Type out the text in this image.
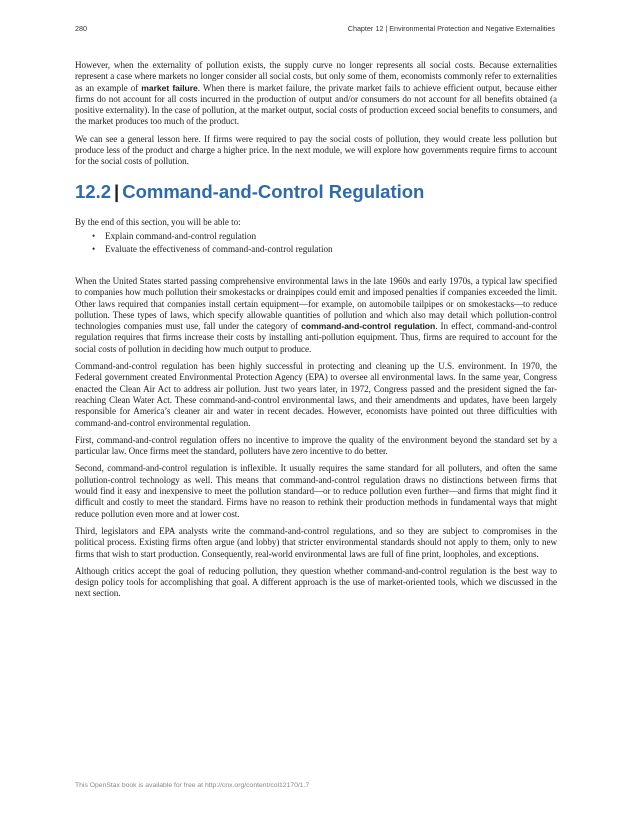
280	Chapter 12 | Environmental Protection and Negative Externalities

However, when the externality of pollution exists, the supply curve no longer represents all social costs. Because externalities represent a case where markets no longer consider all social costs, but only some of them, economists commonly refer to externalities as an example of market failure. When there is market failure, the private market fails to achieve efficient output, because either firms do not account for all costs incurred in the production of output and/or consumers do not account for all benefits obtained (a positive externality). In the case of pollution, at the market output, social costs of production exceed social benefits to consumers, and the market produces too much of the product.

We can see a general lesson here. If firms were required to pay the social costs of pollution, they would create less pollution but produce less of the product and charge a higher price. In the next module, we will explore how governments require firms to account for the social costs of pollution.

12.2 | Command-and-Control Regulation

By the end of this section, you will be able to:

• Explain command-and-control regulation
• Evaluate the effectiveness of command-and-control regulation

When the United States started passing comprehensive environmental laws in the late 1960s and early 1970s, a typical law specified to companies how much pollution their smokestacks or drainpipes could emit and imposed penalties if companies exceeded the limit. Other laws required that companies install certain equipment—for example, on automobile tailpipes or on smokestacks—to reduce pollution. These types of laws, which specify allowable quantities of pollution and which also may detail which pollution-control technologies companies must use, fall under the category of command-and-control regulation. In effect, command-and-control regulation requires that firms increase their costs by installing anti-pollution equipment. Thus, firms are required to account for the social costs of pollution in deciding how much output to produce.

Command-and-control regulation has been highly successful in protecting and cleaning up the U.S. environment. In 1970, the Federal government created Environmental Protection Agency (EPA) to oversee all environmental laws. In the same year, Congress enacted the Clean Air Act to address air pollution. Just two years later, in 1972, Congress passed and the president signed the far-reaching Clean Water Act. These command-and-control environmental laws, and their amendments and updates, have been largely responsible for America’s cleaner air and water in recent decades. However, economists have pointed out three difficulties with command-and-control environmental regulation.

First, command-and-control regulation offers no incentive to improve the quality of the environment beyond the standard set by a particular law. Once firms meet the standard, polluters have zero incentive to do better.

Second, command-and-control regulation is inflexible. It usually requires the same standard for all polluters, and often the same pollution-control technology as well. This means that command-and-control regulation draws no distinctions between firms that would find it easy and inexpensive to meet the pollution standard—or to reduce pollution even further—and firms that might find it difficult and costly to meet the standard. Firms have no reason to rethink their production methods in fundamental ways that might reduce pollution even more and at lower cost.

Third, legislators and EPA analysts write the command-and-control regulations, and so they are subject to compromises in the political process. Existing firms often argue (and lobby) that stricter environmental standards should not apply to them, only to new firms that wish to start production. Consequently, real-world environmental laws are full of fine print, loopholes, and exceptions.

Although critics accept the goal of reducing pollution, they question whether command-and-control regulation is the best way to design policy tools for accomplishing that goal. A different approach is the use of market-oriented tools, which we discussed in the next section.

This OpenStax book is available for free at http://cnx.org/content/col12170/1.7
